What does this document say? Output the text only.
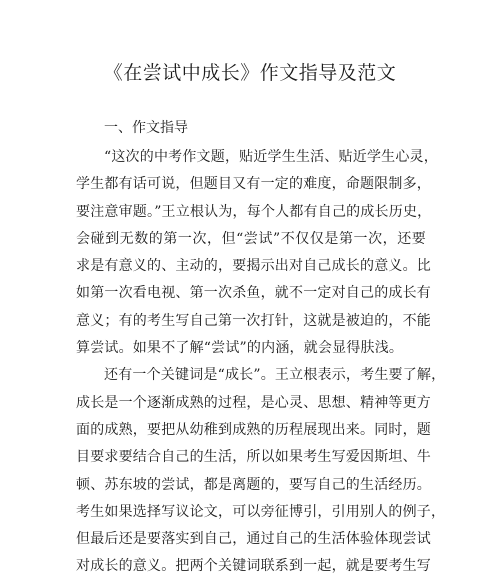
《在尝试中成长》作文指导及范文
一、作文指导
“这次的中考作文题，贴近学生生活、贴近学生心灵，
学生都有话可说，但题目又有一定的难度，命题限制多，
要注意审题。”王立根认为，每个人都有自己的成长历史，
会碰到无数的第一次，但“尝试”不仅仅是第一次，还要
求是有意义的、主动的，要揭示出对自己成长的意义。比
如第一次看电视、第一次杀鱼，就不一定对自己的成长有
意义；有的考生写自己第一次打针，这就是被迫的，不能
算尝试。如果不了解“尝试”的内涵，就会显得肤浅。
还有一个关键词是“成长”。王立根表示，考生要了解，
成长是一个逐渐成熟的过程，是心灵、思想、精神等更方
面的成熟，要把从幼稚到成熟的历程展现出来。同时，题
目要求要结合自己的生活，所以如果考生写爱因斯坦、牛
顿、苏东坡的尝试，都是离题的，要写自己的生活经历。
考生如果选择写议论文，可以旁征博引，引用别人的例子，
但最后还是要落实到自己，通过自己的生活体验体现尝试
对成长的意义。把两个关键词联系到一起，就是要考生写
